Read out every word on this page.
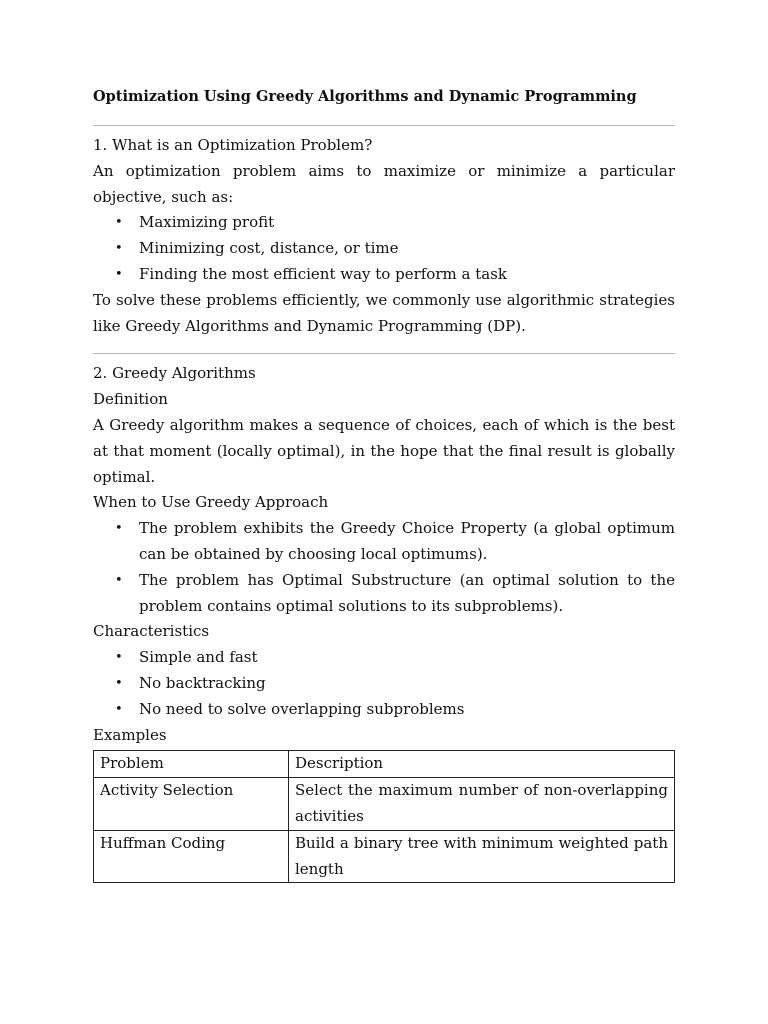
Optimization Using Greedy Algorithms and Dynamic Programming

1. What is an Optimization Problem?

An optimization problem aims to maximize or minimize a particular objective, such as:

• Maximizing profit
• Minimizing cost, distance, or time
• Finding the most efficient way to perform a task

To solve these problems efficiently, we commonly use algorithmic strategies like Greedy Algorithms and Dynamic Programming (DP).

2. Greedy Algorithms

Definition

A Greedy algorithm makes a sequence of choices, each of which is the best at that moment (locally optimal), in the hope that the final result is globally optimal.

When to Use Greedy Approach

• The problem exhibits the Greedy Choice Property (a global optimum can be obtained by choosing local optimums).
• The problem has Optimal Substructure (an optimal solution to the problem contains optimal solutions to its subproblems).

Characteristics

• Simple and fast
• No backtracking
• No need to solve overlapping subproblems

Examples

Problem	Description
Activity Selection	Select the maximum number of non-overlapping activities
Huffman Coding	Build a binary tree with minimum weighted path length
